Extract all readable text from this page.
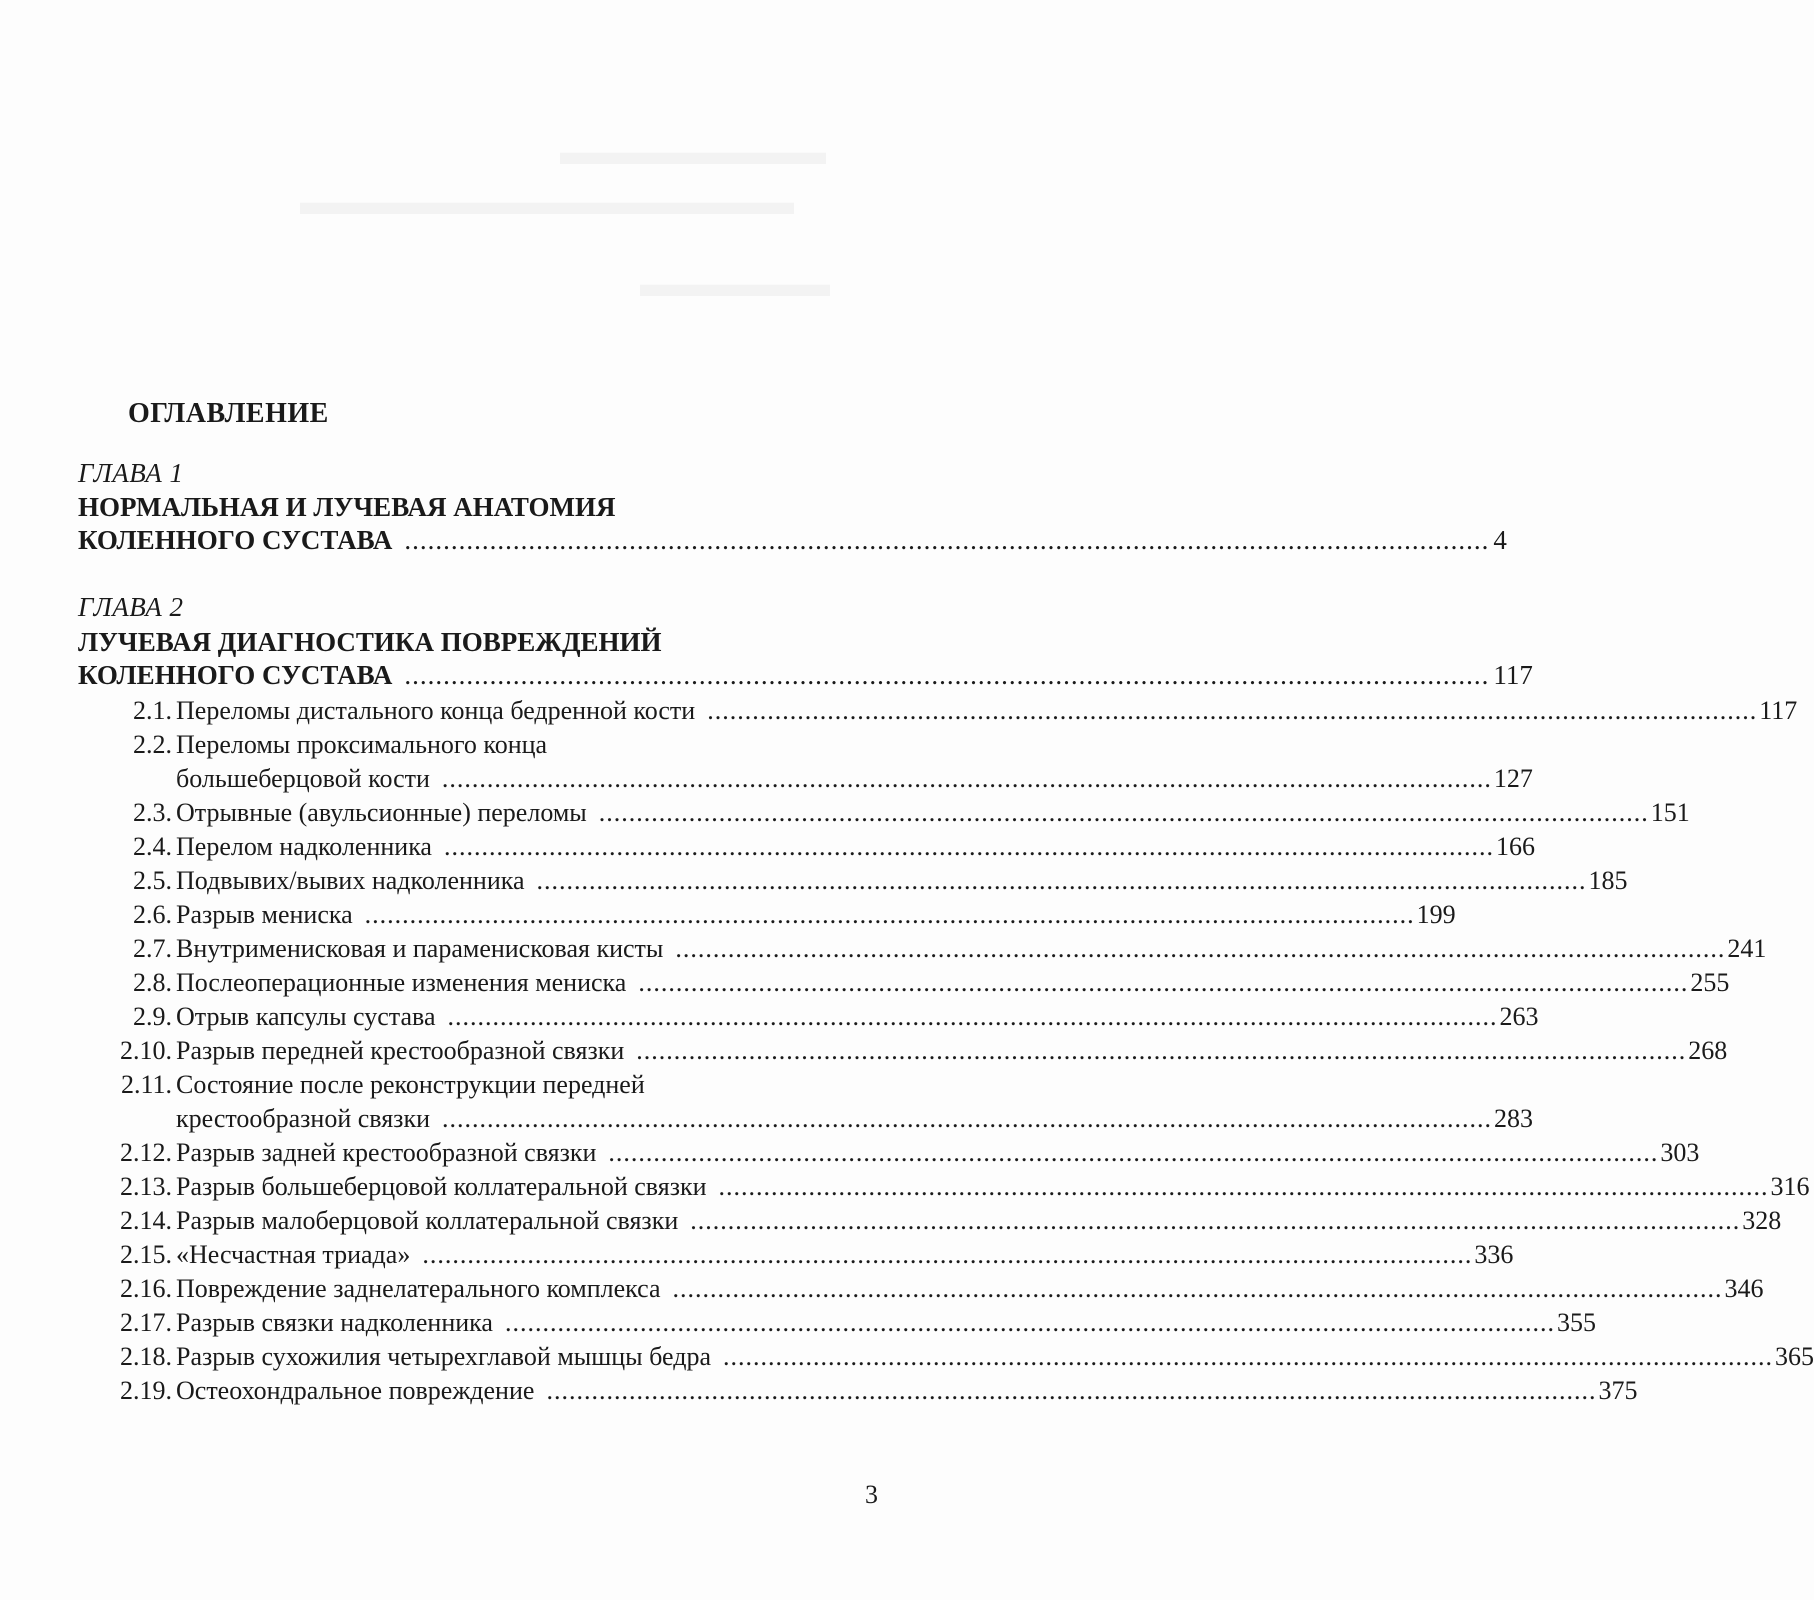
▬▬▬▬▬▬▬
▬▬▬▬▬▬▬▬▬▬▬▬▬
▬▬▬▬▬
ОГЛАВЛЕНИЕ
ГЛАВА 1
НОРМАЛЬНАЯ И ЛУЧЕВАЯ АНАТОМИЯ
КОЛЕННОГО СУСТАВА ............................................................................................................................................ 4
ГЛАВА 2
ЛУЧЕВАЯ ДИАГНОСТИКА ПОВРЕЖДЕНИЙ
КОЛЕННОГО СУСТАВА ............................................................................................................................................ 117
2.1. Переломы дистального конца бедренной кости ............................................................................................................................................ 117
2.2. Переломы проксимального конца
большеберцовой кости ............................................................................................................................................ 127
2.3. Отрывные (авульсионные) переломы ............................................................................................................................................ 151
2.4. Перелом надколенника ............................................................................................................................................ 166
2.5. Подвывих/вывих надколенника ............................................................................................................................................ 185
2.6. Разрыв мениска ............................................................................................................................................ 199
2.7. Внутрименисковая и параменисковая кисты ............................................................................................................................................ 241
2.8. Послеоперационные изменения мениска ............................................................................................................................................ 255
2.9. Отрыв капсулы сустава ............................................................................................................................................ 263
2.10. Разрыв передней крестообразной связки ............................................................................................................................................ 268
2.11. Состояние после реконструкции передней
крестообразной связки ............................................................................................................................................ 283
2.12. Разрыв задней крестообразной связки ............................................................................................................................................ 303
2.13. Разрыв большеберцовой коллатеральной связки ............................................................................................................................................ 316
2.14. Разрыв малоберцовой коллатеральной связки ............................................................................................................................................ 328
2.15. «Несчастная триада» ............................................................................................................................................ 336
2.16. Повреждение заднелатерального комплекса ............................................................................................................................................ 346
2.17. Разрыв связки надколенника ............................................................................................................................................ 355
2.18. Разрыв сухожилия четырехглавой мышцы бедра ............................................................................................................................................ 365
2.19. Остеохондральное повреждение ............................................................................................................................................ 375
3
